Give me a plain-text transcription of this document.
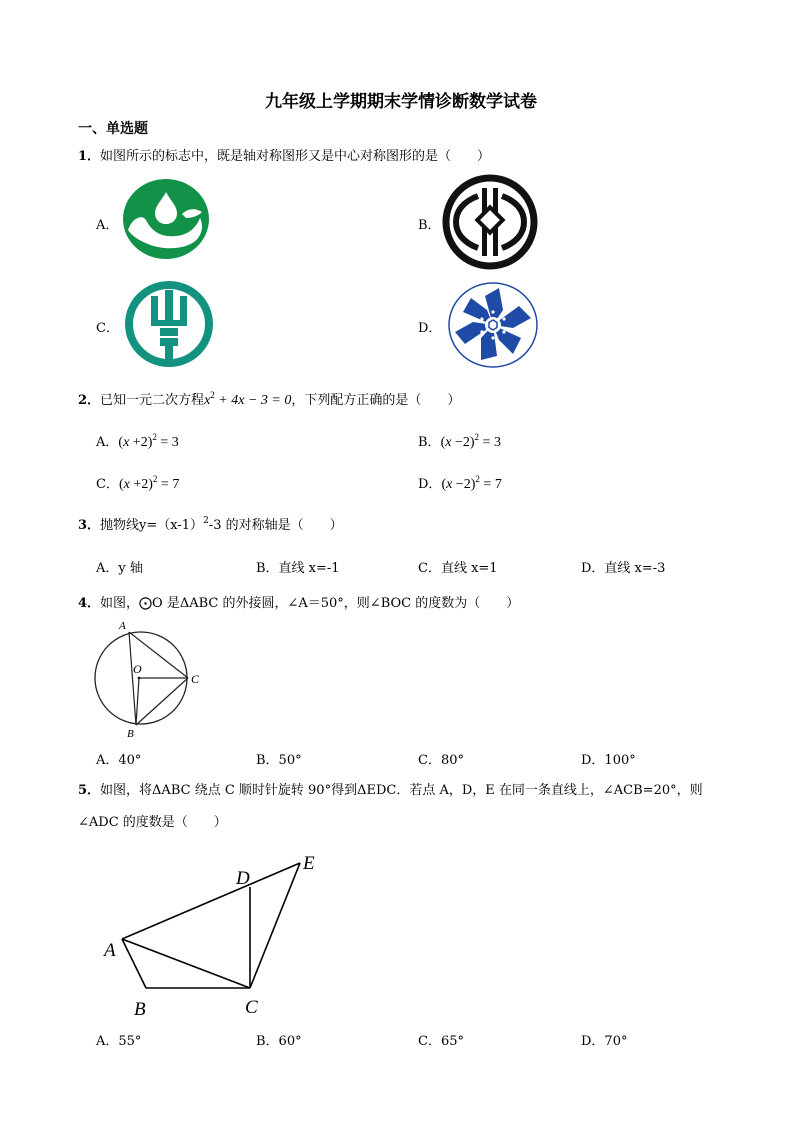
九年级上学期期末学情诊断数学试卷
一、单选题
1．如图所示的标志中，既是轴对称图形又是中心对称图形的是（　　）
A．	B．
C．	D．
2．已知一元二次方程$x^2 + 4x - 3 = 0$，下列配方正确的是（　　）
A．$(x +2)^2 = 3$	B．$(x -2)^2 = 3$
C．$(x +2)^2 = 7$	D．$(x -2)^2 = 7$
3．抛物线$y=(x-1)^2-3$ 的对称轴是（　　）
A．y 轴	B．直线 x=-1	C．直线 x=1	D．直线 x=-3
4．如图，⨀O 是ΔABC 的外接圆，∠A＝50°，则∠BOC 的度数为（　　）
A
O
C
B
A．40°	B．50°	C．80°	D．100°
5．如图，将ΔABC 绕点 C 顺时针旋转 90°得到ΔEDC．若点 A，D，E 在同一条直线上，∠ACB=20°，则
∠ADC 的度数是（　　）
A
B	C
D
E
A．55°	B．60°	C．65°	D．70°
